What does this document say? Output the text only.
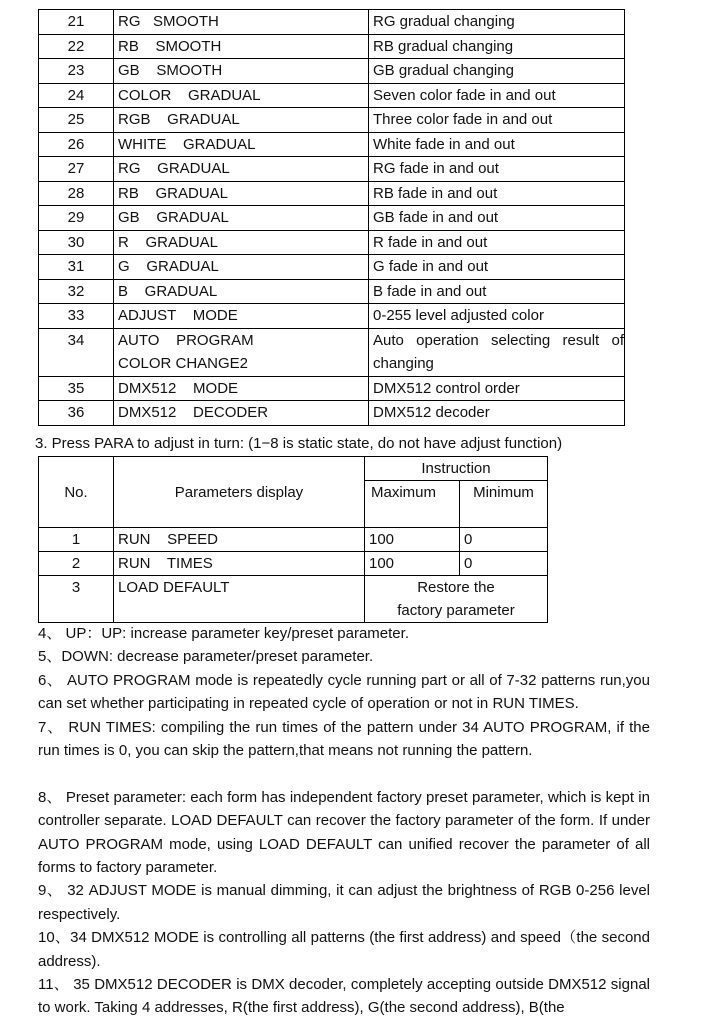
21	RG   SMOOTH	RG gradual changing
22	RB    SMOOTH	RB gradual changing
23	GB    SMOOTH	GB gradual changing
24	COLOR    GRADUAL	Seven color fade in and out
25	RGB    GRADUAL	Three color fade in and out
26	WHITE    GRADUAL	White fade in and out
27	RG    GRADUAL	RG fade in and out
28	RB    GRADUAL	RB fade in and out
29	GB    GRADUAL	GB fade in and out
30	R    GRADUAL	R fade in and out
31	G    GRADUAL	G fade in and out
32	B    GRADUAL	B fade in and out
33	ADJUST    MODE	0-255 level adjusted color
34	AUTO    PROGRAM
COLOR CHANGE2	Auto operation selecting result of changing
35	DMX512    MODE	DMX512 control order
36	DMX512    DECODER	DMX512 decoder
3. Press PARA to adjust in turn: (1−8 is static state, do not have adjust function)
No.	Parameters display	Instruction	
		Maximum	Minimum
1	RUN    SPEED	100	0
2	RUN    TIMES	100	0
3	LOAD DEFAULT	Restore the factory parameter	

4、 UP：UP: increase parameter key/preset parameter.

5、DOWN: decrease parameter/preset parameter.

6、 AUTO PROGRAM mode is repeatedly cycle running part or all of 7-32 patterns run,you can set whether participating in repeated cycle of operation or not in RUN TIMES.

7、 RUN TIMES: compiling the run times of the pattern under 34 AUTO PROGRAM, if the run times is 0, you can skip the pattern,that means not running the pattern.

8、 Preset parameter: each form has independent factory preset parameter, which is kept in controller separate. LOAD DEFAULT can recover the factory parameter of the form. If under AUTO PROGRAM mode, using LOAD DEFAULT can unified recover the parameter of all forms to factory parameter.

9、 32 ADJUST MODE is manual dimming, it can adjust the brightness of RGB 0-256 level respectively.

10、34 DMX512 MODE is controlling all patterns (the first address) and speed（the second address).

11、 35 DMX512 DECODER is DMX decoder, completely accepting outside DMX512 signal to work. Taking 4 addresses, R(the first address), G(the second address), B(the
